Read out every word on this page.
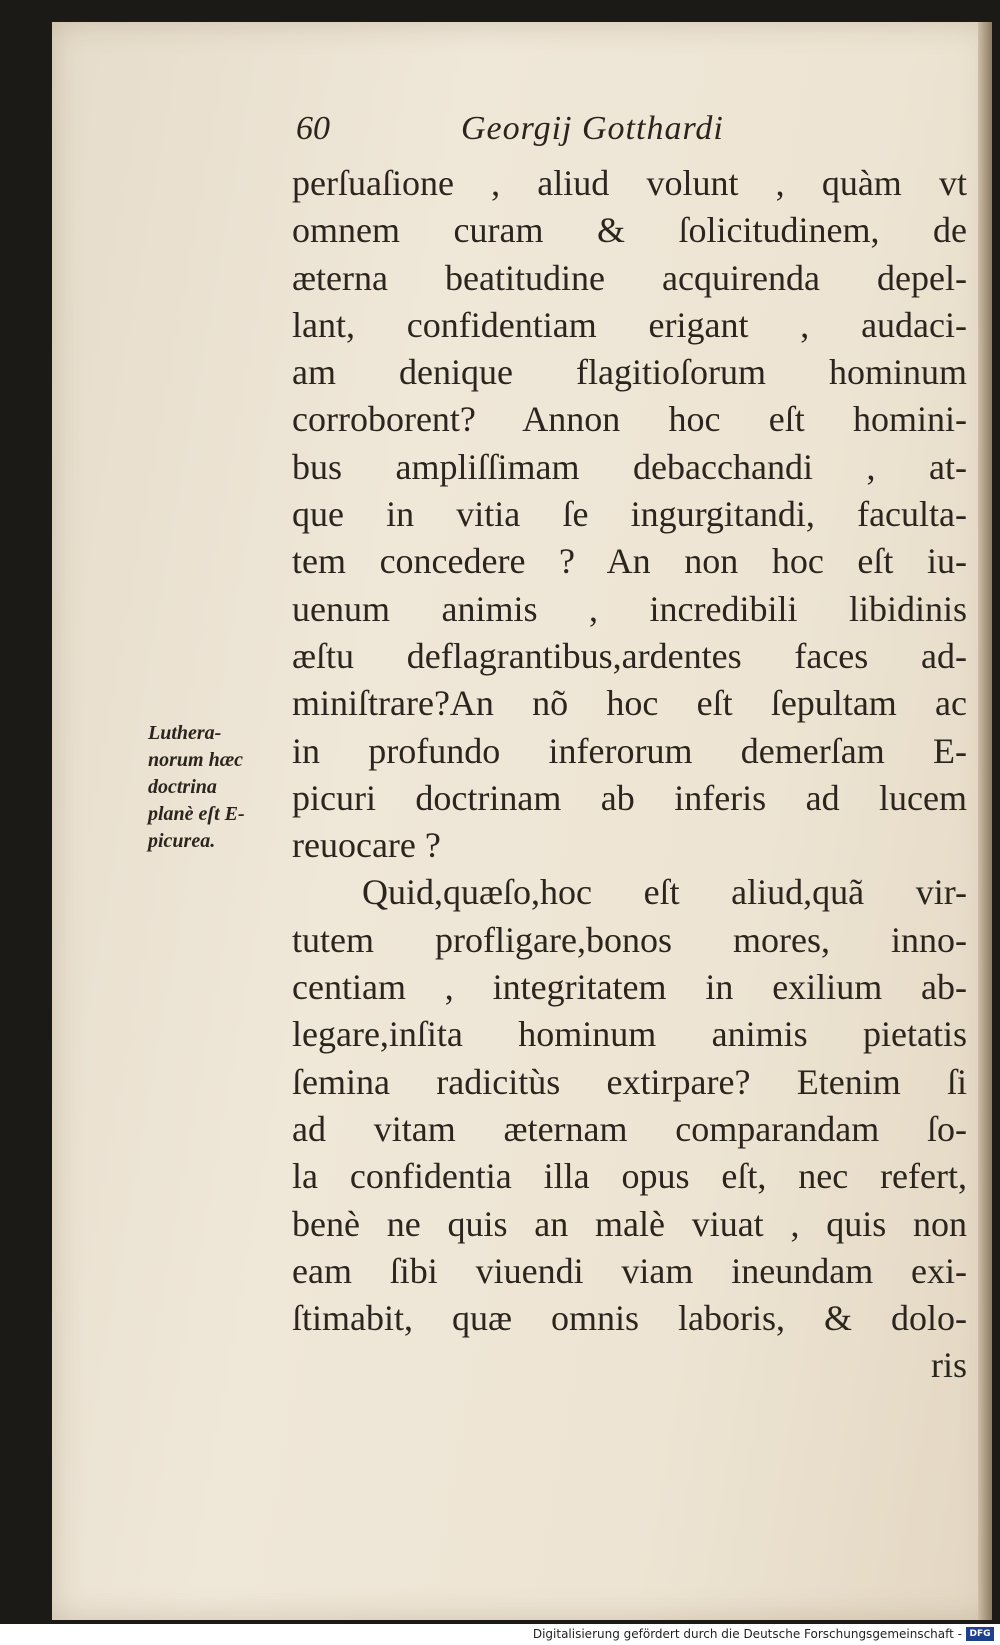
60	Georgij Gotthardi
perſuaſione , aliud volunt , quàm vt
omnem curam & ſolicitudinem, de
æterna beatitudine acquirenda depel-
lant, confidentiam erigant , audaci-
am denique flagitioſorum hominum
corroborent? Annon hoc eſt homini-
bus ampliſſimam debacchandi , at-
que in vitia ſe ingurgitandi, faculta-
tem concedere ? An non hoc eſt iu-
uenum animis , incredibili libidinis
æſtu deflagrantibus,ardentes faces ad-
miniſtrare?An nõ hoc eſt ſepultam ac
in profundo inferorum demerſam E-
picuri doctrinam ab inferis ad lucem
reuocare ?
Quid,quæſo,hoc eſt aliud,quã vir-
tutem profligare,bonos mores, inno-
centiam , integritatem in exilium ab-
legare,inſita hominum animis pietatis
ſemina radicitùs extirpare? Etenim ſi
ad vitam æternam comparandam ſo-
la confidentia illa opus eſt, nec refert,
benè ne quis an malè viuat , quis non
eam ſibi viuendi viam ineundam exi-
ſtimabit, quæ omnis laboris, & dolo-
ris
Luthera-
norum hæc
doctrina
planè eſt E-
picurea.
Digitalisierung gefördert durch die Deutsche Forschungsgemeinschaft - DFG
